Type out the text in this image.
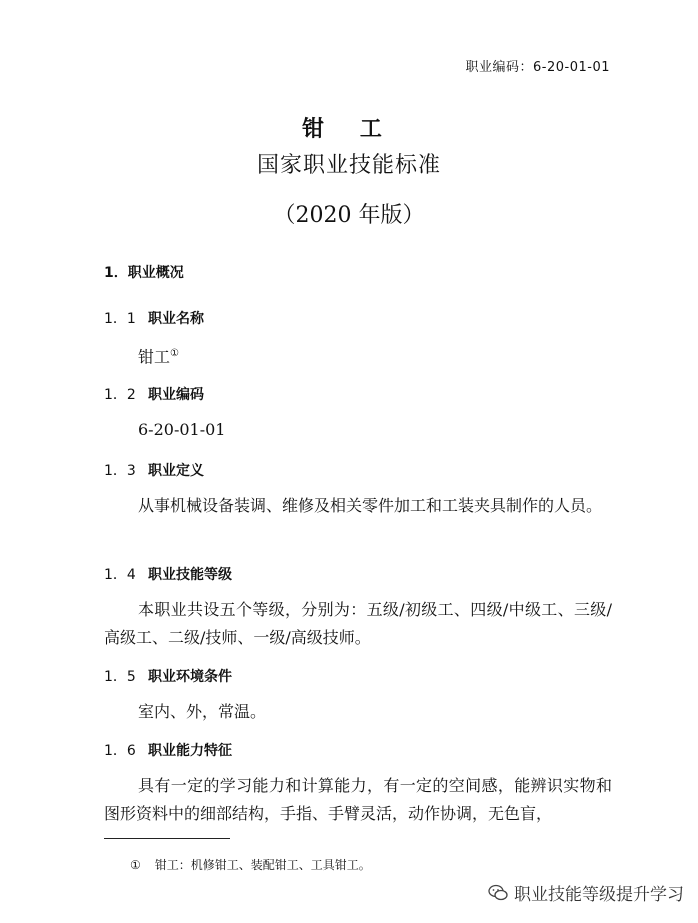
职业编码：6-20-01-01
钳 工
国家职业技能标准
（2020 年版）
1．职业概况
1．1 职业名称
钳工①
1．2 职业编码
6-20-01-01
1．3 职业定义
从事机械设备装调、维修及相关零件加工和工装夹具制作的人员。
1．4 职业技能等级
本职业共设五个等级，分别为：五级/初级工、四级/中级工、三级/高级工、二级/技师、一级/高级技师。
1．5 职业环境条件
室内、外，常温。
1．6 职业能力特征
具有一定的学习能力和计算能力，有一定的空间感，能辨识实物和图形资料中的细部结构，手指、手臂灵活，动作协调，无色盲，
① 钳工：机修钳工、装配钳工、工具钳工。
职业技能等级提升学习
